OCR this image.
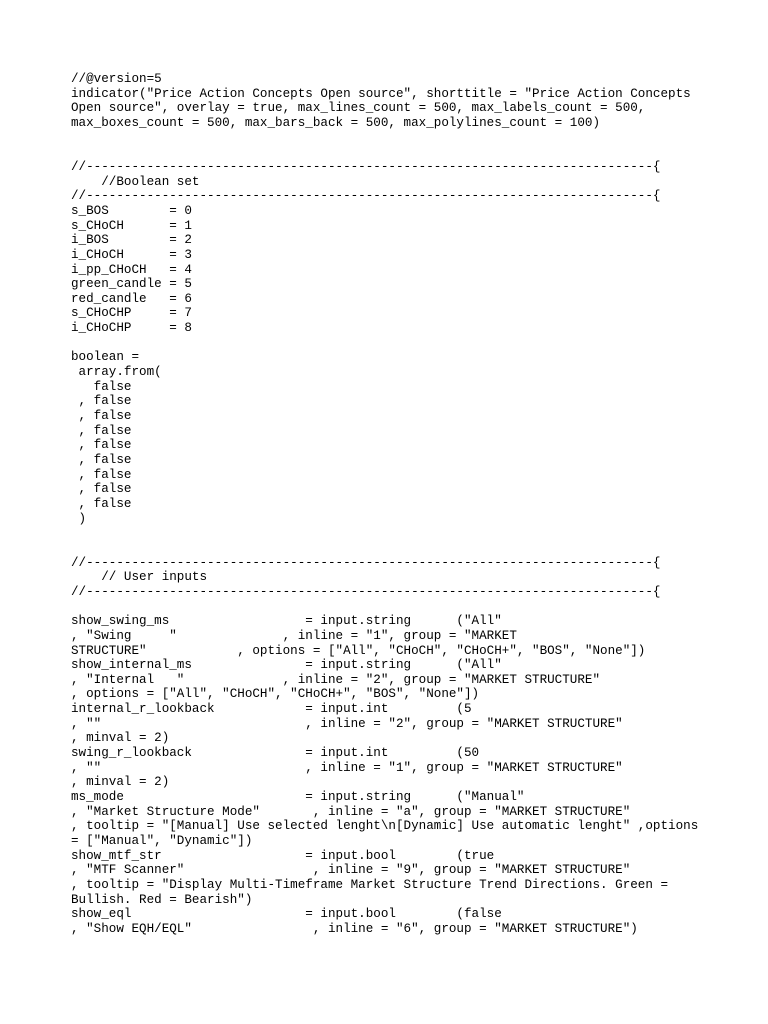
//@version=5
indicator("Price Action Concepts Open source", shorttitle = "Price Action Concepts
Open source", overlay = true, max_lines_count = 500, max_labels_count = 500,
max_boxes_count = 500, max_bars_back = 500, max_polylines_count = 100)
//---------------------------------------------------------------------------{
//Boolean set
//---------------------------------------------------------------------------{
s_BOS        = 0
s_CHoCH      = 1
i_BOS        = 2
i_CHoCH      = 3
i_pp_CHoCH   = 4
green_candle = 5
red_candle   = 6
s_CHoCHP     = 7
i_CHoCHP     = 8
boolean =
array.from(
false
, false
, false
, false
, false
, false
, false
, false
, false
)
//---------------------------------------------------------------------------{
// User inputs
//---------------------------------------------------------------------------{
show_swing_ms                  = input.string      ("All"
, "Swing     "              , inline = "1", group = "MARKET
STRUCTURE"            , options = ["All", "CHoCH", "CHoCH+", "BOS", "None"])
show_internal_ms               = input.string      ("All"
, "Internal   "             , inline = "2", group = "MARKET STRUCTURE"
, options = ["All", "CHoCH", "CHoCH+", "BOS", "None"])
internal_r_lookback            = input.int         (5
, ""                           , inline = "2", group = "MARKET STRUCTURE"
, minval = 2)
swing_r_lookback               = input.int         (50
, ""                           , inline = "1", group = "MARKET STRUCTURE"
, minval = 2)
ms_mode                        = input.string      ("Manual"
, "Market Structure Mode"       , inline = "a", group = "MARKET STRUCTURE"
, tooltip = "[Manual] Use selected lenght\n[Dynamic] Use automatic lenght" ,options
= ["Manual", "Dynamic"])
show_mtf_str                   = input.bool        (true
, "MTF Scanner"                 , inline = "9", group = "MARKET STRUCTURE"
, tooltip = "Display Multi-Timeframe Market Structure Trend Directions. Green =
Bullish. Red = Bearish")
show_eql                       = input.bool        (false
, "Show EQH/EQL"                , inline = "6", group = "MARKET STRUCTURE")
